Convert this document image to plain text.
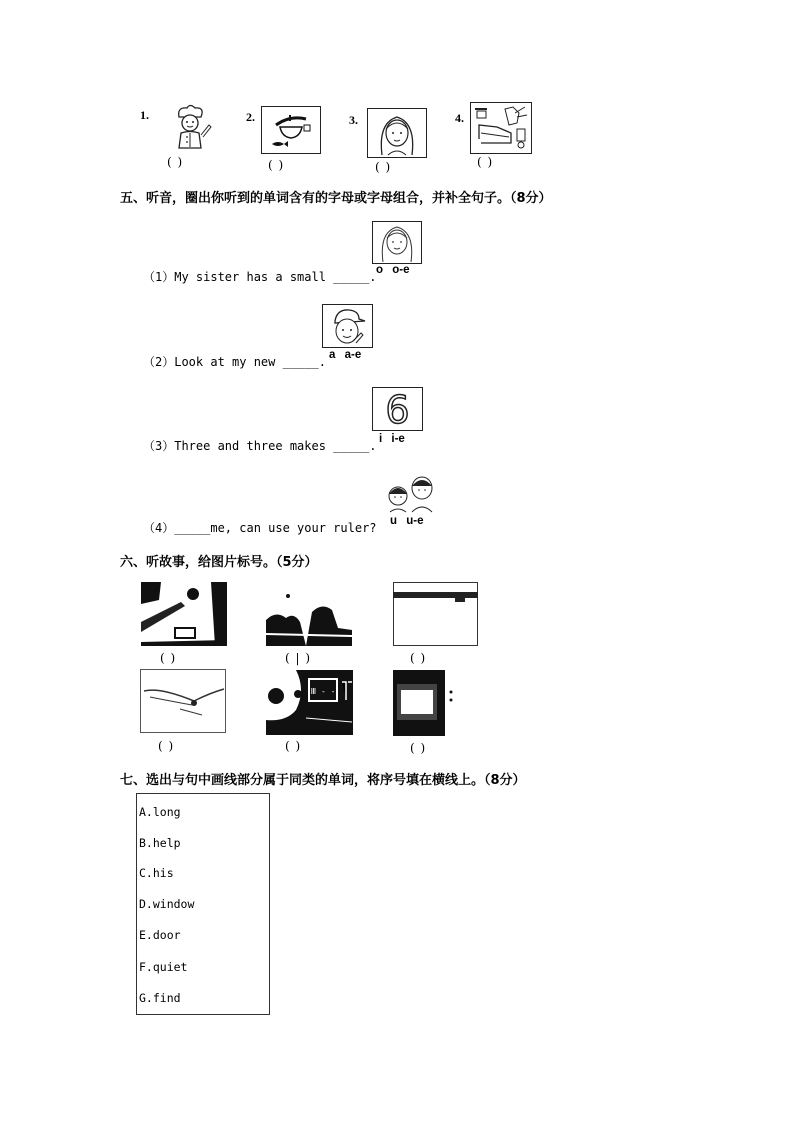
1.
( )
2.
( )
3.
( )
4.
( )
五、听音，圈出你听到的单词含有的字母或字母组合，并补全句子。（8分）
（1）My sister has a small _____. o o-e
（2）Look at my new _____. a a-e
6
（3）Three and three makes _____. i i-e
（4）_____me, can use your ruler? u u-e
六、听故事，给图片标号。（5分）
( )	( | )	( )
( )
Ⅲ - -
( )	( )
七、选出与句中画线部分属于同类的单词，将序号填在横线上。（8分）
A.long
B.help
C.his
D.window
E.door
F.quiet
G.find
